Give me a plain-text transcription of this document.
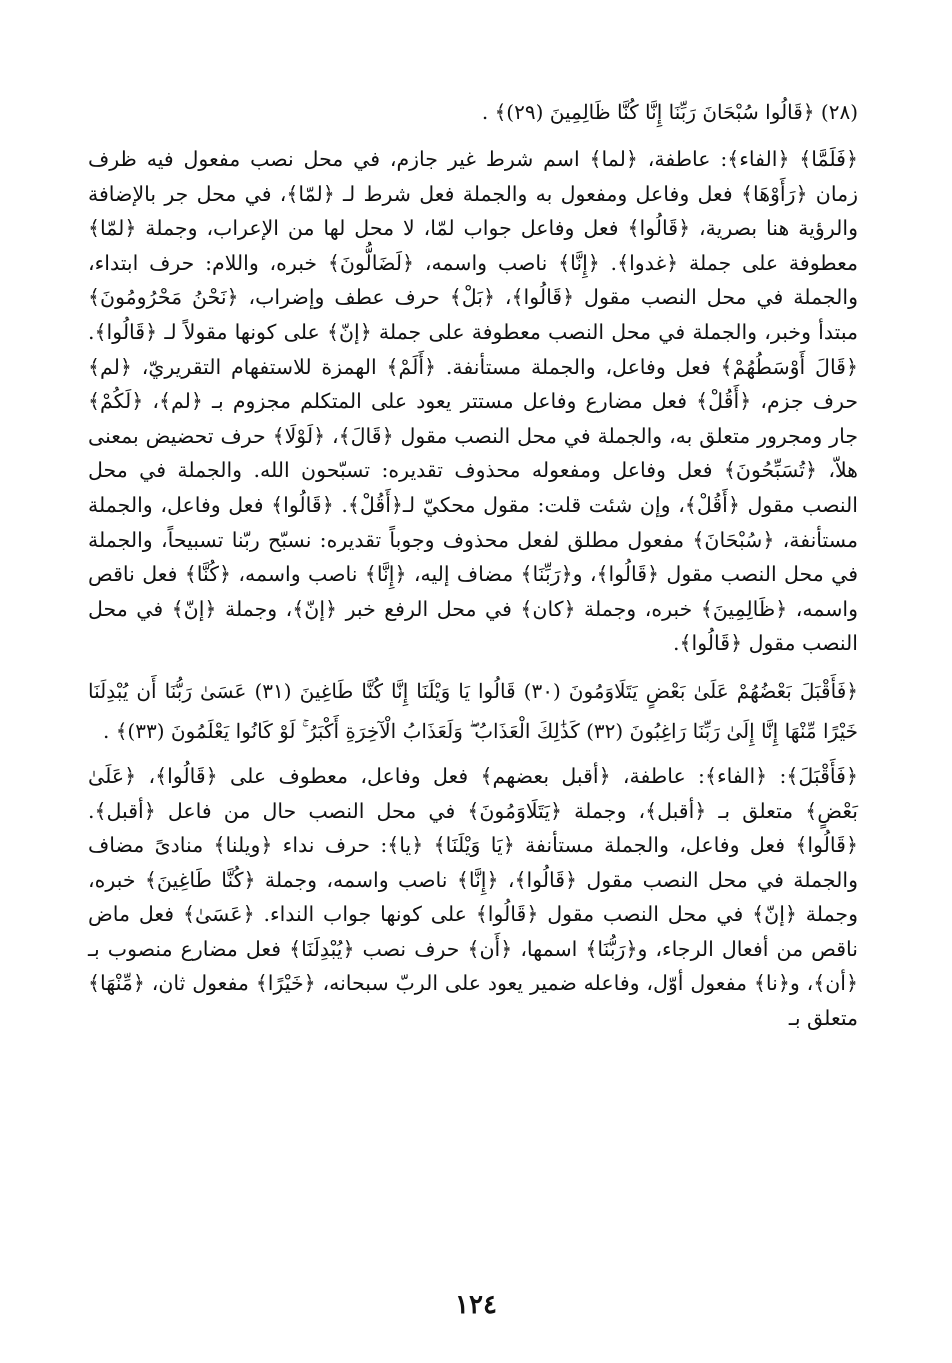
(٢٨) ﴿قَالُوا سُبْحَانَ رَبِّنَا إِنَّا كُنَّا ظَالِمِينَ (٢٩)﴾ .

﴿فَلَمَّا﴾ ﴿الفاء﴾: عاطفة، ﴿لما﴾ اسم شرط غير جازم، في محل نصب مفعول فيه ظرف زمان ﴿رَأَوْهَا﴾ فعل وفاعل ومفعول به والجملة فعل شرط لـ ﴿لمّا﴾، في محل جر بالإضافة والرؤية هنا بصرية، ﴿قَالُوا﴾ فعل وفاعل جواب لمّا، لا محل لها من الإعراب، وجملة ﴿لمّا﴾ معطوفة على جملة ﴿غدوا﴾. ﴿إِنَّا﴾ ناصب واسمه، ﴿لَضَالُّونَ﴾ خبره، واللام: حرف ابتداء، والجملة في محل النصب مقول ﴿قَالُوا﴾، ﴿بَلْ﴾ حرف عطف وإضراب، ﴿نَحْنُ مَحْرُومُونَ﴾ مبتدأ وخبر، والجملة في محل النصب معطوفة على جملة ﴿إنّ﴾ على كونها مقولاً لـ ﴿قَالُوا﴾. ﴿قَالَ أَوْسَطُهُمْ﴾ فعل وفاعل، والجملة مستأنفة. ﴿أَلَمْ﴾ الهمزة للاستفهام التقريريّ، ﴿لم﴾ حرف جزم، ﴿أَقُلْ﴾ فعل مضارع وفاعل مستتر يعود على المتكلم مجزوم بـ ﴿لم﴾، ﴿لَكُمْ﴾ جار ومجرور متعلق به، والجملة في محل النصب مقول ﴿قَالَ﴾، ﴿لَوْلَا﴾ حرف تحضيض بمعنى هلاّ، ﴿تُسَبِّحُونَ﴾ فعل وفاعل ومفعوله محذوف تقديره: تسبّحون الله. والجملة في محل النصب مقول ﴿أَقُلْ﴾، وإن شئت قلت: مقول محكيّ لـ﴿أَقُلْ﴾. ﴿قَالُوا﴾ فعل وفاعل، والجملة مستأنفة، ﴿سُبْحَانَ﴾ مفعول مطلق لفعل محذوف وجوباً تقديره: نسبّح ربّنا تسبيحاً، والجملة في محل النصب مقول ﴿قَالُوا﴾، و﴿رَبِّنَا﴾ مضاف إليه، ﴿إِنَّا﴾ ناصب واسمه، ﴿كُنَّا﴾ فعل ناقص واسمه، ﴿ظَالِمِينَ﴾ خبره، وجملة ﴿كان﴾ في محل الرفع خبر ﴿إنّ﴾، وجملة ﴿إنّ﴾ في محل النصب مقول ﴿قَالُوا﴾.

﴿فَأَقْبَلَ بَعْضُهُمْ عَلَىٰ بَعْضٍ يَتَلَاوَمُونَ (٣٠) قَالُوا يَا وَيْلَنَا إِنَّا كُنَّا طَاغِينَ (٣١) عَسَىٰ رَبُّنَا أَن يُبْدِلَنَا خَيْرًا مِّنْهَا إِنَّا إِلَىٰ رَبِّنَا رَاغِبُونَ (٣٢) كَذَٰلِكَ الْعَذَابُ ۖ وَلَعَذَابُ الْآخِرَةِ أَكْبَرُ ۚ لَوْ كَانُوا يَعْلَمُونَ (٣٣)﴾ .

﴿فَأَقْبَلَ﴾: ﴿الفاء﴾: عاطفة، ﴿أقبل بعضهم﴾ فعل وفاعل، معطوف على ﴿قَالُوا﴾، ﴿عَلَىٰ بَعْضٍ﴾ متعلق بـ ﴿أقبل﴾، وجملة ﴿يَتَلَاوَمُونَ﴾ في محل النصب حال من فاعل ﴿أقبل﴾. ﴿قَالُوا﴾ فعل وفاعل، والجملة مستأنفة ﴿يَا وَيْلَنَا﴾ ﴿يا﴾: حرف نداء ﴿ويلنا﴾ منادىً مضاف والجملة في محل النصب مقول ﴿قَالُوا﴾، ﴿إِنَّا﴾ ناصب واسمه، وجملة ﴿كُنَّا طَاغِينَ﴾ خبره، وجملة ﴿إنّ﴾ في محل النصب مقول ﴿قَالُوا﴾ على كونها جواب النداء. ﴿عَسَىٰ﴾ فعل ماض ناقص من أفعال الرجاء، و﴿رَبُّنَا﴾ اسمها، ﴿أَن﴾ حرف نصب ﴿يُبْدِلَنَا﴾ فعل مضارع منصوب بـ ﴿أن﴾، و﴿نا﴾ مفعول أوّل، وفاعله ضمير يعود على الربّ سبحانه، ﴿خَيْرًا﴾ مفعول ثان، ﴿مِّنْهَا﴾ متعلق بـ

١٢٤
